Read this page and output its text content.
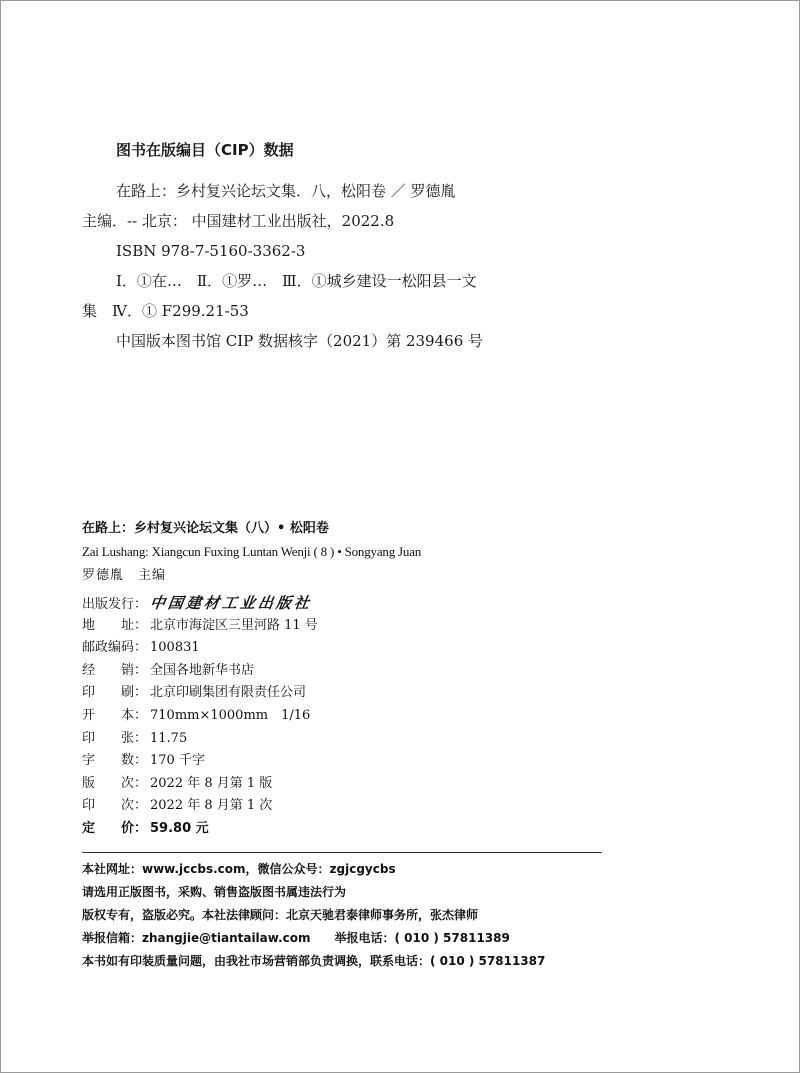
图书在版编目（CIP）数据
在路上：乡村复兴论坛文集．八，松阳卷 ／ 罗德胤
主编．-- 北京： 中国建材工业出版社，2022.8
ISBN 978-7-5160-3362-3
Ⅰ．①在…　Ⅱ．①罗…　Ⅲ．①城乡建设一松阳县一文
集　Ⅳ．① F299.21-53
中国版本图书馆 CIP 数据核字（2021）第 239466 号
在路上：乡村复兴论坛文集（八）• 松阳卷
Zai Lushang: Xiangcun Fuxing Luntan Wenji ( 8 ) • Songyang Juan
罗德胤　主编
出版发行： 中国建材工业出版社
地　　址： 北京市海淀区三里河路 11 号
邮政编码： 100831
经　　销： 全国各地新华书店
印　　刷： 北京印刷集团有限责任公司
开　　本： 710mm×1000mm　1/16
印　　张： 11.75
字　　数： 170 千字
版　　次： 2022 年 8 月第 1 版
印　　次： 2022 年 8 月第 1 次
定　　价： 59.80 元
本社网址：www.jccbs.com，微信公众号：zgjcgycbs
请选用正版图书，采购、销售盗版图书属违法行为
版权专有，盗版必究。本社法律顾问：北京天驰君泰律师事务所，张杰律师
举报信箱：zhangjie@tiantailaw.com　　举报电话：( 010 ) 57811389
本书如有印装质量问题，由我社市场营销部负责调换，联系电话：( 010 ) 57811387
